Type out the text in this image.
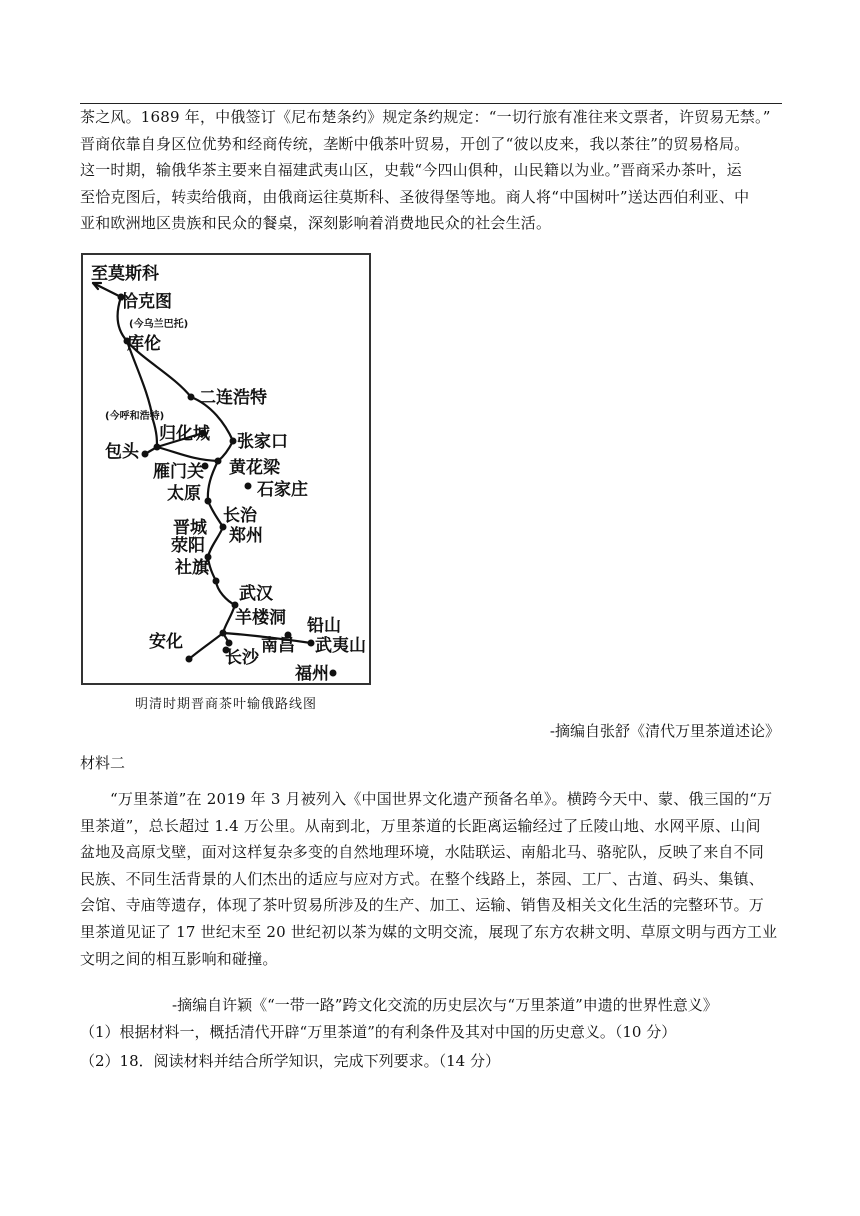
茶之风。1689 年，中俄签订《尼布楚条约》规定条约规定：“一切行旅有准往来文票者，许贸易无禁。”
晋商依靠自身区位优势和经商传统，垄断中俄茶叶贸易，开创了“彼以皮来，我以茶往”的贸易格局。
这一时期，输俄华茶主要来自福建武夷山区，史载“今四山俱种，山民籍以为业。”晋商采办茶叶，运
至恰克图后，转卖给俄商，由俄商运往莫斯科、圣彼得堡等地。商人将“中国树叶”送达西伯利亚、中
亚和欧洲地区贵族和民众的餐桌，深刻影响着消费地民众的社会生活。
至莫斯科
恰克图
(今乌兰巴托)
库伦
二连浩特
(今呼和浩特)
归化城 张家口
包头
雁门关 黄花梁
石家庄
太原
长治
晋城
荥阳 郑州
社旗
武汉
羊楼洞 铅山
安化	南昌 武夷山
长沙
福州
明清时期晋商茶叶输俄路线图
-摘编自张舒《清代万里茶道述论》
材料二
“万里茶道”在 2019 年 3 月被列入《中国世界文化遗产预备名单》。横跨今天中、蒙、俄三国的“万
里茶道”，总长超过 1.4 万公里。从南到北，万里茶道的长距离运输经过了丘陵山地、水网平原、山间
盆地及高原戈壁，面对这样复杂多变的自然地理环境，水陆联运、南船北马、骆驼队，反映了来自不同
民族、不同生活背景的人们杰出的适应与应对方式。在整个线路上，茶园、工厂、古道、码头、集镇、
会馆、寺庙等遗存，体现了茶叶贸易所涉及的生产、加工、运输、销售及相关文化生活的完整环节。万
里茶道见证了 17 世纪末至 20 世纪初以茶为媒的文明交流，展现了东方农耕文明、草原文明与西方工业
文明之间的相互影响和碰撞。
-摘编自许颖《“一带一路”跨文化交流的历史层次与“万里茶道”申遗的世界性意义》
（1）根据材料一，概括清代开辟“万里茶道”的有利条件及其对中国的历史意义。（10 分）
（2）18．阅读材料并结合所学知识，完成下列要求。（14 分）
